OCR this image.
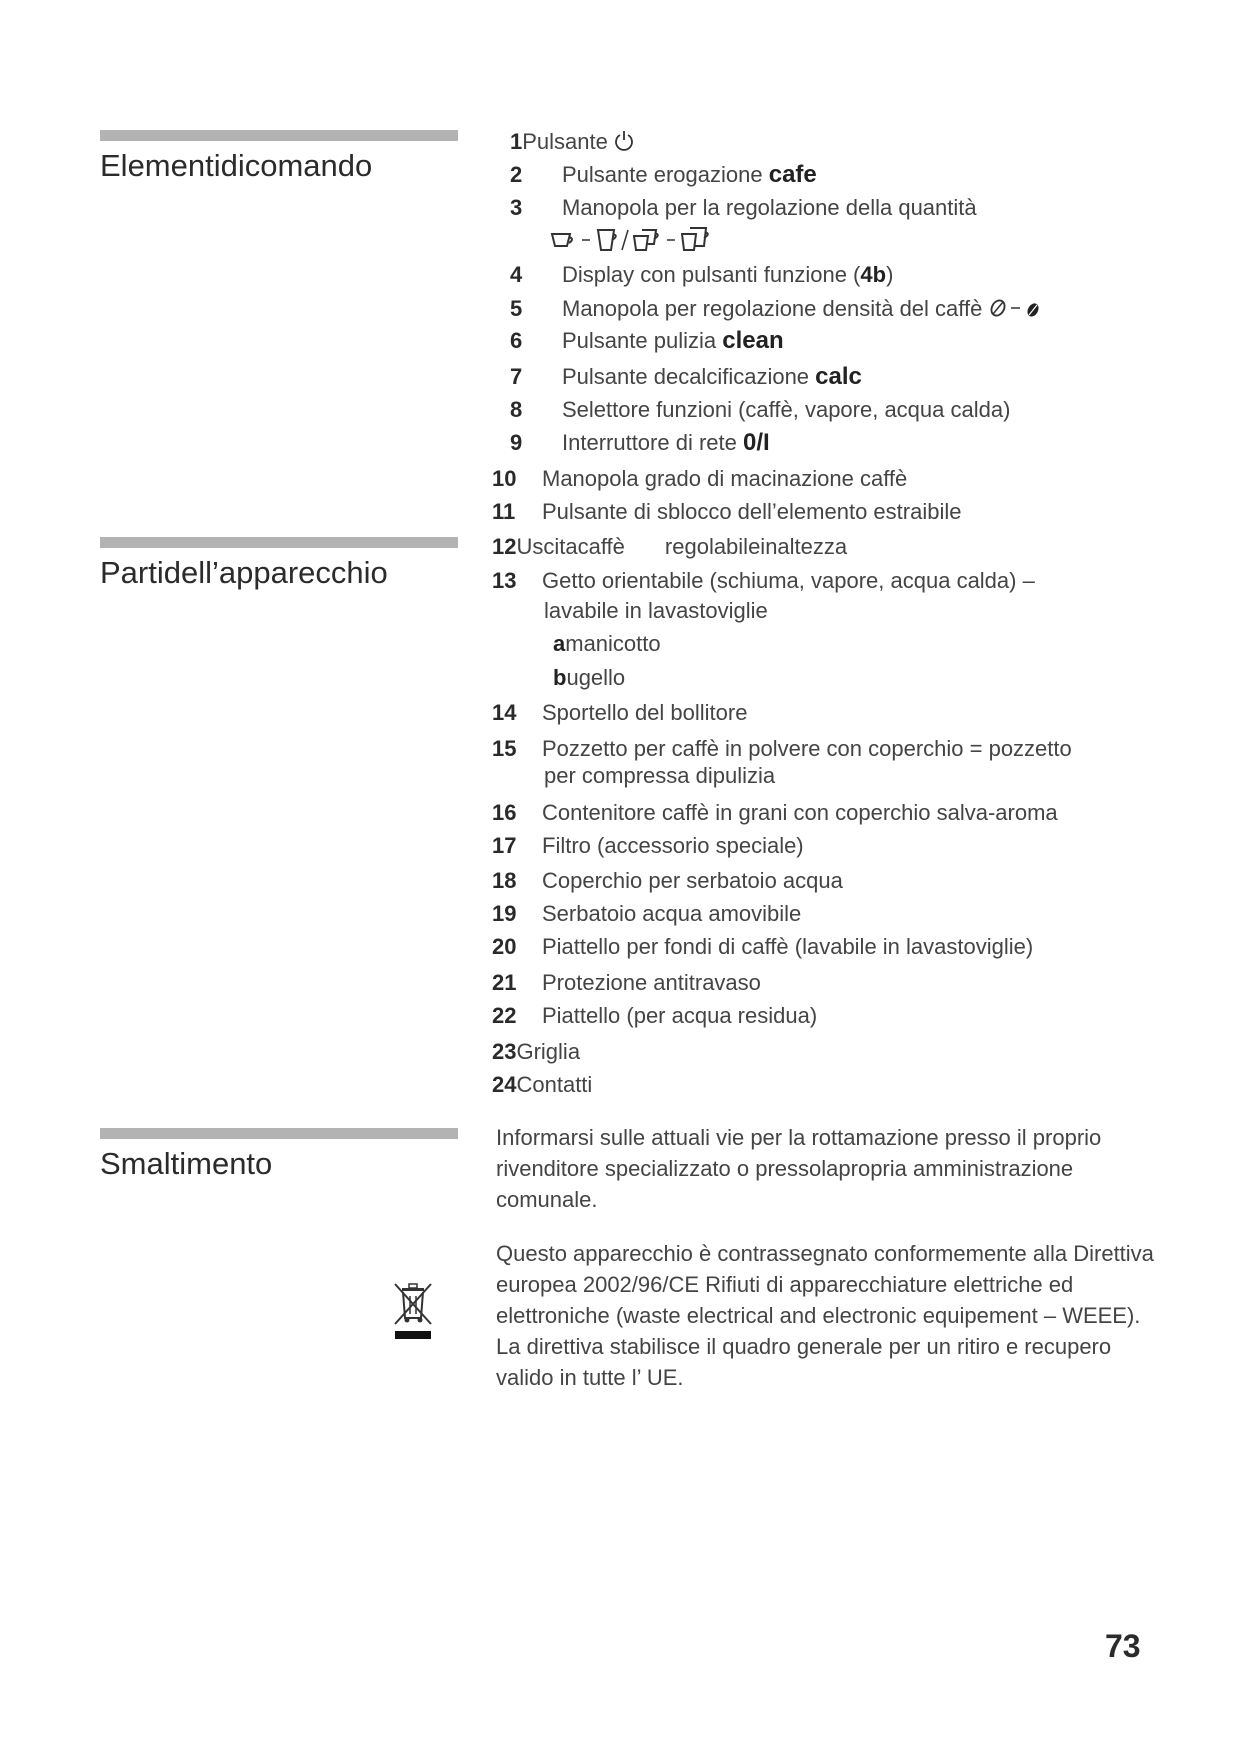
Elementidicomando
1Pulsante
2 Pulsante erogazione cafe
3 Manopola per la regolazione della quantità
4 Display con pulsanti funzione (4b)
5 Manopola per regolazione densità del caffè
6 Pulsante pulizia clean
7 Pulsante decalcificazione calc
8 Selettore funzioni (caffè, vapore, acqua calda)
9 Interruttore di rete 0/I
Partidell’apparecchio
10 Manopola grado di macinazione caffè
11 Pulsante di sblocco dell’elemento estraibile
12Uscitacaffè regolabileinaltezza
13 Getto orientabile (schiuma, vapore, acqua calda) –
lavabile in lavastoviglie
amanicotto
bugello
14 Sportello del bollitore
15 Pozzetto per caffè in polvere con coperchio = pozzetto
per compressa dipulizia
16 Contenitore caffè in grani con coperchio salva-aroma
17 Filtro (accessorio speciale)
18 Coperchio per serbatoio acqua
19 Serbatoio acqua amovibile
20 Piattello per fondi di caffè (lavabile in lavastoviglie)
21 Protezione antitravaso
22 Piattello (per acqua residua)
23Griglia
24Contatti
Smaltimento
Informarsi sulle attuali vie per la rottamazione presso il proprio rivenditore specializzato o pressolapropria amministrazione comunale.
Questo apparecchio è contrassegnato conformemente alla Direttiva europea 2002/96/CE Rifiuti di apparecchiature elettriche ed elettroniche (waste electrical and electronic equipement – WEEE). La direttiva stabilisce il quadro generale per un ritiro e recupero valido in tutte l’ UE.
73
